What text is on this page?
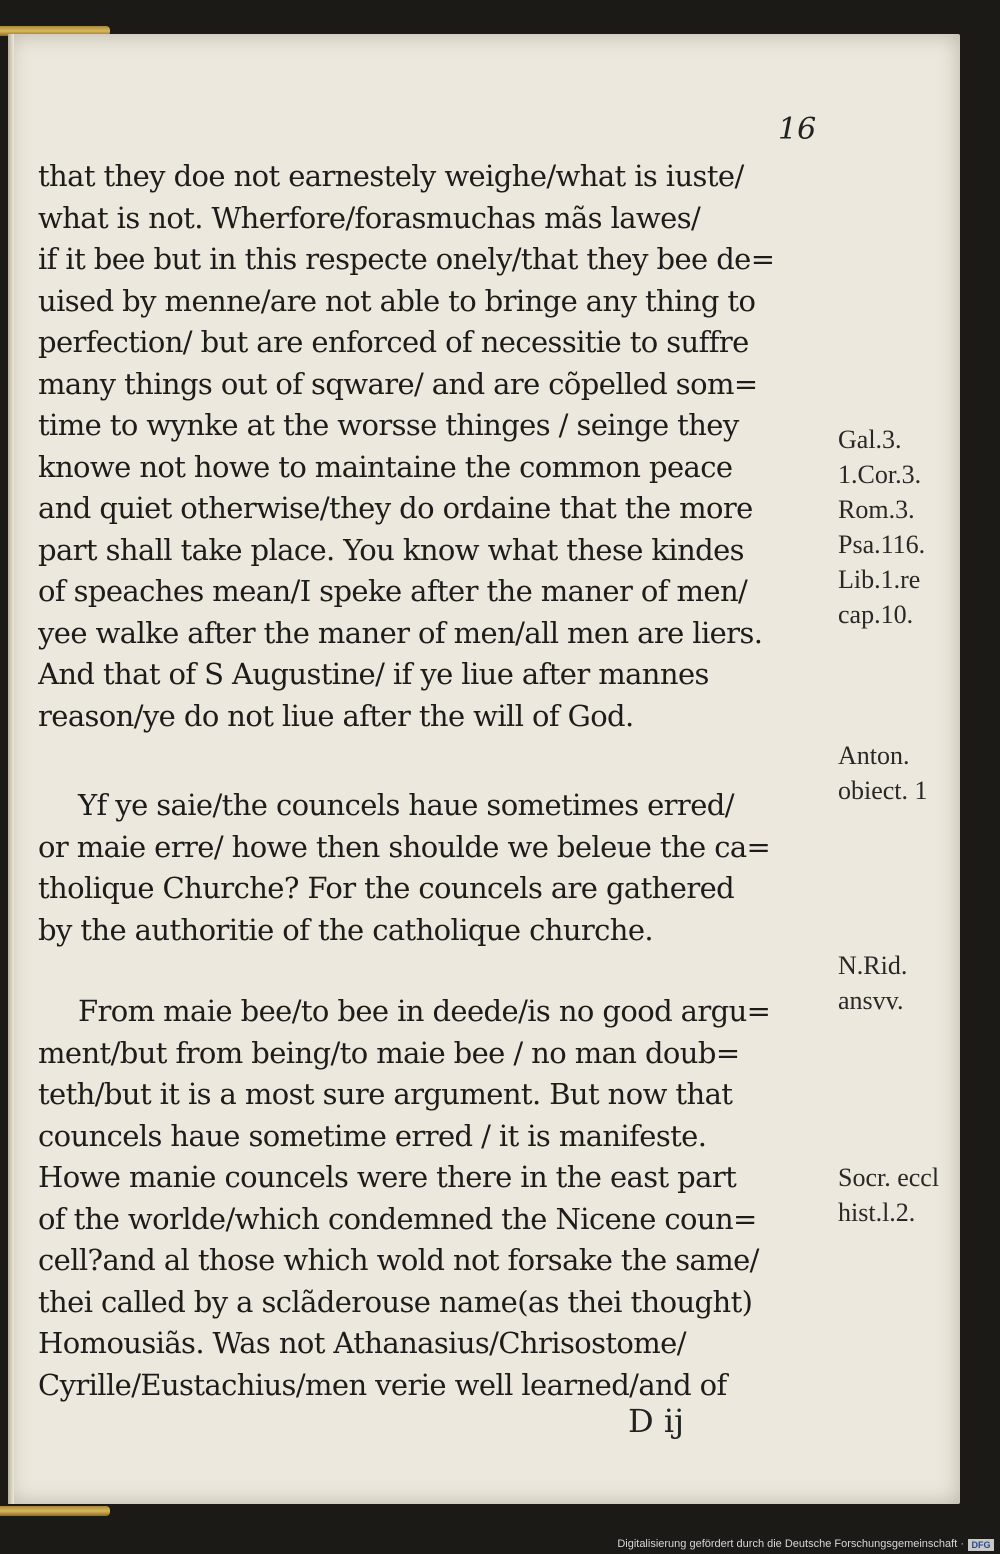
16
that they doe not earnestely weighe/what is iuste/
what is not. Wherfore/forasmuchas mãs lawes/
if it bee but in this respecte onely/that they bee de=
uised by menne/are not able to bringe any thing to
perfection/ but are enforced of necessitie to suffre
many things out of sqware/ and are cõpelled som=
time to wynke at the worsse thinges / seinge they
knowe not howe to maintaine the common peace
and quiet otherwise/they do ordaine that the more
part shall take place. You know what these kindes
of speaches mean/I speke after the maner of men/
yee walke after the maner of men/all men are liers.
And that of S Augustine/ if ye liue after mannes
reason/ye do not liue after the will of God.
Yf ye saie/the councels haue sometimes erred/
or maie erre/ howe then shoulde we beleue the ca=
tholique Churche? For the councels are gathered
by the authoritie of the catholique churche.
From maie bee/to bee in deede/is no good argu=
ment/but from being/to maie bee / no man doub=
teth/but it is a most sure argument. But now that
councels haue sometime erred / it is manifeste.
Howe manie councels were there in the east part
of the worlde/which condemned the Nicene coun=
cell?and al those which wold not forsake the same/
thei called by a sclãderouse name(as thei thought)
Homousiãs. Was not Athanasius/Chrisostome/
Cyrille/Eustachius/men verie well learned/and of
Gal.3.
1.Cor.3.
Rom.3.
Psa.116.
Lib.1.re
cap.10.
Anton.
obiect. 1
N.Rid.
ansvv.
Socr. eccl
hist.l.2.
D ij
Digitalisierung gefördert durch die Deutsche Forschungsgemeinschaft · DFG
